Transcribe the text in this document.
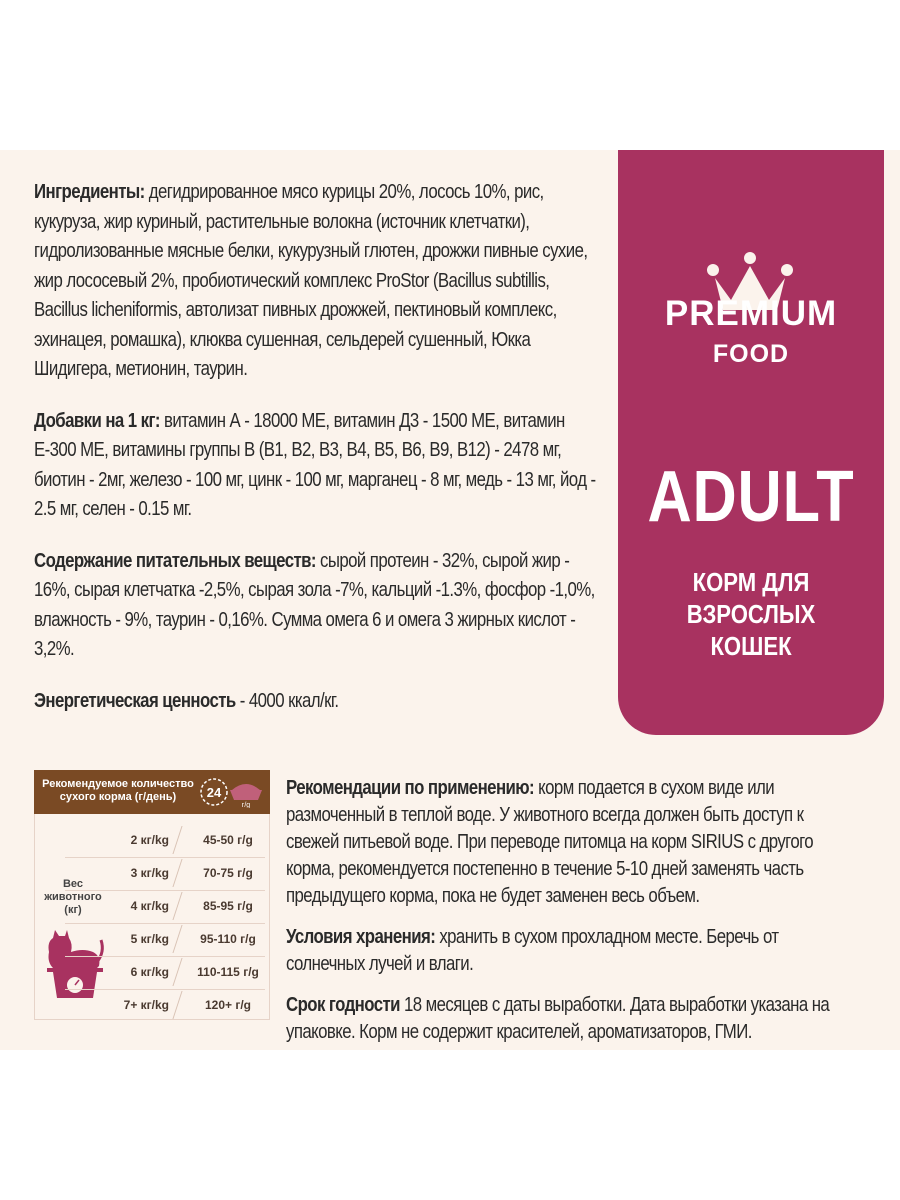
Ингредиенты: дегидрированное мясо курицы 20%, лосось 10%, рис, кукуруза, жир куриный, растительные волокна (источник клетчатки), гидролизованные мясные белки, кукурузный глютен, дрожжи пивные сухие, жир лососевый 2%, пробиотический комплекс ProStor (Bacillus subtillis, Bacillus licheniformis, автолизат пивных дрожжей, пектиновый комплекс, эхинацея, ромашка), клюква сушенная, сельдерей сушенный, Юкка Шидигера, метионин, таурин.

Добавки на 1 кг: витамин А - 18000 МЕ, витамин Д3 - 1500 МЕ, витамин Е-300 МЕ, витамины группы В (В1, В2, В3, В4, В5, В6, В9, В12) - 2478 мг, биотин - 2мг, железо - 100 мг, цинк - 100 мг, марганец - 8 мг, медь - 13 мг, йод - 2.5 мг, селен - 0.15 мг.

Содержание питательных веществ: сырой протеин - 32%, сырой жир - 16%, сырая клетчатка -2,5%, сырая зола -7%, кальций -1.3%, фосфор -1,0%, влажность - 9%, таурин - 0,16%. Сумма омега 6 и омега 3 жирных кислот - 3,2%.

Энергетическая ценность - 4000 ккал/кг.

PREMIUM
FOOD
ADULT
КОРМ ДЛЯ
ВЗРОСЛЫХ
КОШЕК
Рекомендуемое количество
сухого корма (г/день)	24
г/g
Вес
животного
(кг)
2 кг/kg	45-50 г/g
3 кг/kg	70-75 г/g
4 кг/kg	85-95 г/g
5 кг/kg	95-110 г/g
6 кг/kg	110-115 г/g
7+ кг/kg	120+ г/g

Рекомендации по применению: корм подается в сухом виде или размоченный в теплой воде. У животного всегда должен быть доступ к свежей питьевой воде. При переводе питомца на корм SIRIUS с другого корма, рекомендуется постепенно в течение 5-10 дней заменять часть предыдущего корма, пока не будет заменен весь объем.

Условия хранения: хранить в сухом прохладном месте. Беречь от солнечных лучей и влаги.

Срок годности 18 месяцев с даты выработки. Дата выработки указана на упаковке. Корм не содержит красителей, ароматизаторов, ГМИ.
